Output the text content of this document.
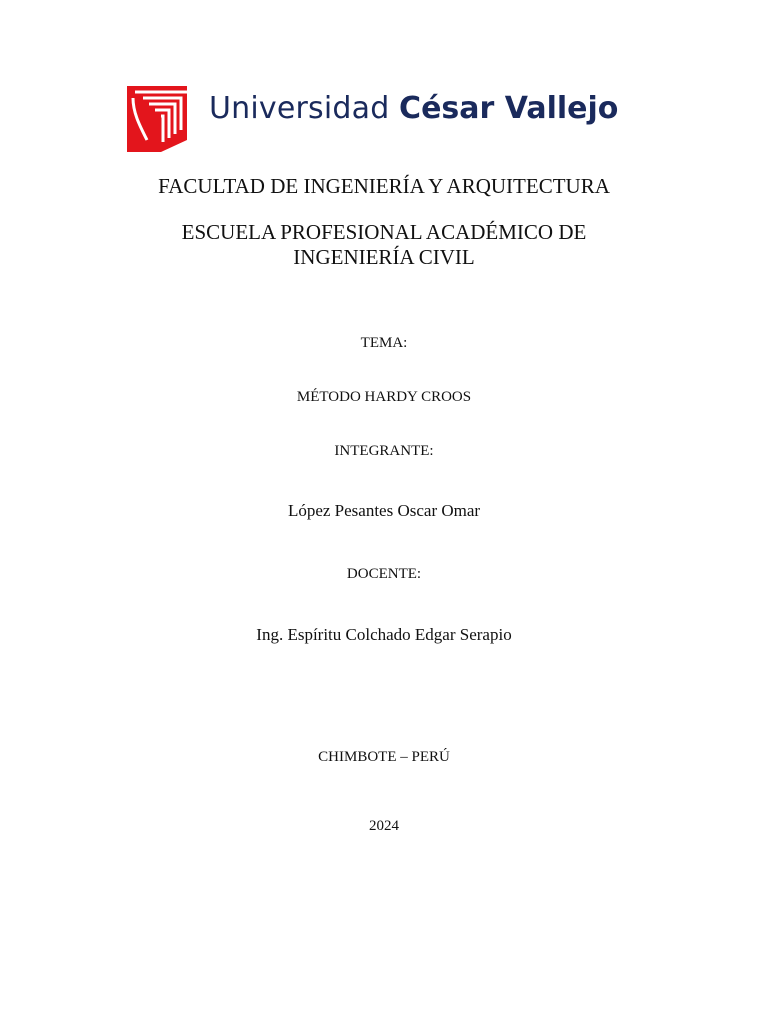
Universidad César Vallejo
FACULTAD DE INGENIERÍA Y ARQUITECTURA
ESCUELA PROFESIONAL ACADÉMICO DE
INGENIERÍA CIVIL
TEMA:
MÉTODO HARDY CROOS
INTEGRANTE:
López Pesantes Oscar Omar
DOCENTE:
Ing. Espíritu Colchado Edgar Serapio
CHIMBOTE – PERÚ
2024
